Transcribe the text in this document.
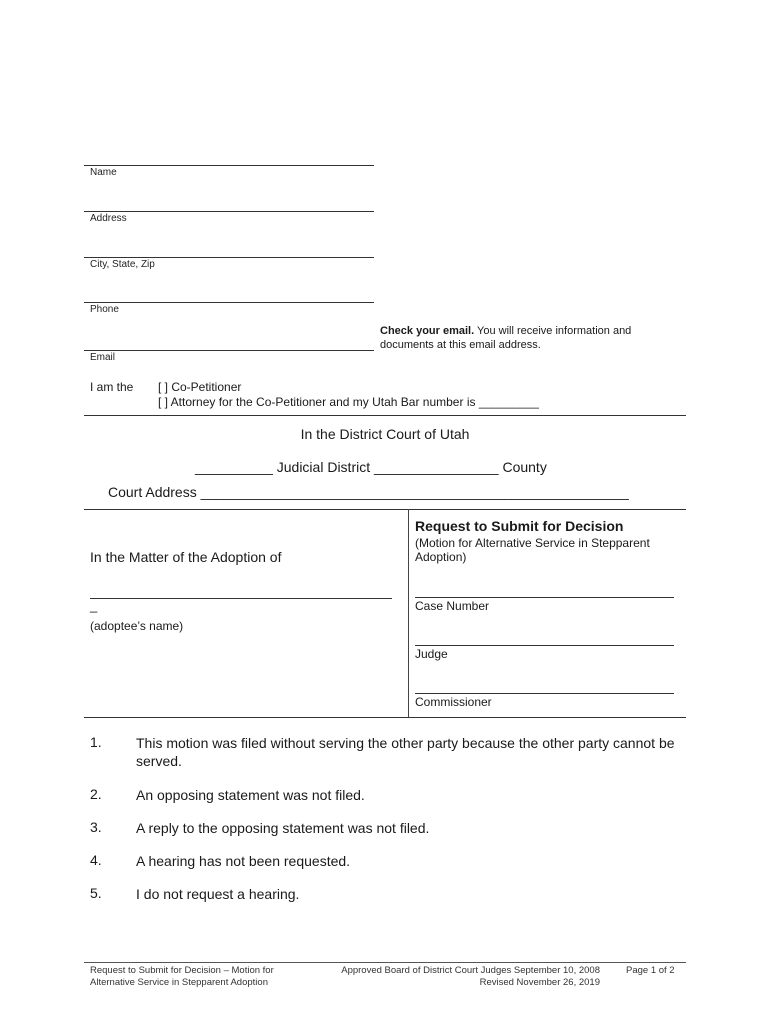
Name
Address
City, State, Zip
Phone
Email
Check your email. You will receive information and
documents at this email address.
I am the [ ] Co-Petitioner
[ ] Attorney for the Co-Petitioner and my Utah Bar number is _________
In the District Court of Utah
__________ Judicial District ________________ County
Court Address _______________________________________________________
In the Matter of the Adoption of
_
(adoptee’s name)
Request to Submit for Decision
(Motion for Alternative Service in Stepparent
Adoption)
Case Number
Judge
Commissioner
1.	This motion was filed without serving the other party because the other party cannot be served.
2.	An opposing statement was not filed.
3.	A reply to the opposing statement was not filed.
4.	A hearing has not been requested.
5.	I do not request a hearing.
Request to Submit for Decision – Motion for
Alternative Service in Stepparent Adoption
Approved Board of District Court Judges September 10, 2008
Revised November 26, 2019
Page 1 of 2
